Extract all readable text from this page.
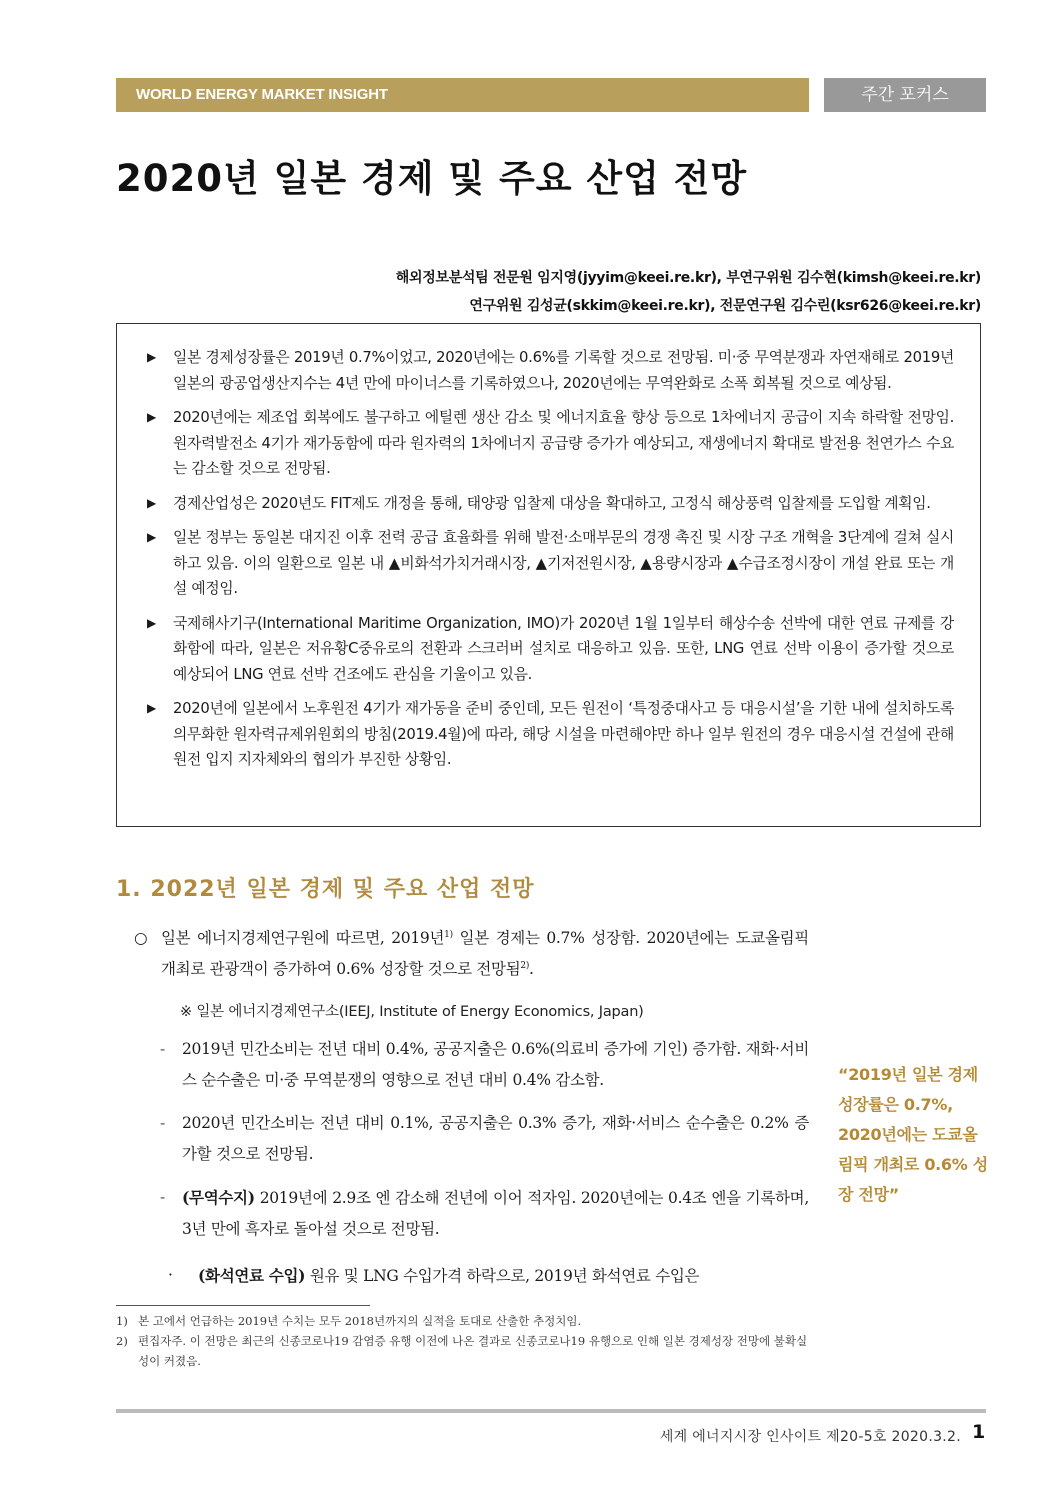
WORLD ENERGY MARKET INSIGHT	주간 포커스
2020년 일본 경제 및 주요 산업 전망
해외정보분석팀 전문원 임지영(jyyim@keei.re.kr), 부연구위원 김수현(kimsh@keei.re.kr)
연구위원 김성균(skkim@keei.re.kr), 전문연구원 김수린(ksr626@keei.re.kr)
▶ 일본 경제성장률은 2019년 0.7%이었고, 2020년에는 0.6%를 기록할 것으로 전망됨. 미·중 무역분쟁과 자연재해로 2019년 일본의 광공업생산지수는 4년 만에 마이너스를 기록하였으나, 2020년에는 무역완화로 소폭 회복될 것으로 예상됨.
▶ 2020년에는 제조업 회복에도 불구하고 에틸렌 생산 감소 및 에너지효율 향상 등으로 1차에너지 공급이 지속 하락할 전망임. 원자력발전소 4기가 재가동함에 따라 원자력의 1차에너지 공급량 증가가 예상되고, 재생에너지 확대로 발전용 천연가스 수요는 감소할 것으로 전망됨.
▶ 경제산업성은 2020년도 FIT제도 개정을 통해, 태양광 입찰제 대상을 확대하고, 고정식 해상풍력 입찰제를 도입할 계획임.
▶ 일본 정부는 동일본 대지진 이후 전력 공급 효율화를 위해 발전·소매부문의 경쟁 촉진 및 시장 구조 개혁을 3단계에 걸쳐 실시하고 있음. 이의 일환으로 일본 내 ▲비화석가치거래시장, ▲기저전원시장, ▲용량시장과 ▲수급조정시장이 개설 완료 또는 개설 예정임.
▶ 국제해사기구(International Maritime Organization, IMO)가 2020년 1월 1일부터 해상수송 선박에 대한 연료 규제를 강화함에 따라, 일본은 저유황C중유로의 전환과 스크러버 설치로 대응하고 있음. 또한, LNG 연료 선박 이용이 증가할 것으로 예상되어 LNG 연료 선박 건조에도 관심을 기울이고 있음.
▶ 2020년에 일본에서 노후원전 4기가 재가동을 준비 중인데, 모든 원전이 ‘특정중대사고 등 대응시설’을 기한 내에 설치하도록 의무화한 원자력규제위원회의 방침(2019.4월)에 따라, 해당 시설을 마련해야만 하나 일부 원전의 경우 대응시설 건설에 관해 원전 입지 지자체와의 협의가 부진한 상황임.
1. 2022년 일본 경제 및 주요 산업 전망
○ 일본 에너지경제연구원에 따르면, 2019년$^{1)}$ 일본 경제는 0.7% 성장함. 2020년에는 도쿄올림픽 개최로 관광객이 증가하여 0.6% 성장할 것으로 전망됨$^{2)}$.
※ 일본 에너지경제연구소(IEEJ, Institute of Energy Economics, Japan)
-	2019년 민간소비는 전년 대비 0.4%, 공공지출은 0.6%(의료비 증가에 기인) 증가함. 재화·서비스 순수출은 미·중 무역분쟁의 영향으로 전년 대비 0.4% 감소함.
-	2020년 민간소비는 전년 대비 0.1%, 공공지출은 0.3% 증가, 재화·서비스 순수출은 0.2% 증가할 것으로 전망됨.
-	(무역수지) 2019년에 2.9조 엔 감소해 전년에 이어 적자임. 2020년에는 0.4조 엔을 기록하며, 3년 만에 흑자로 돌아설 것으로 전망됨.
·	(화석연료 수입) 원유 및 LNG 수입가격 하락으로, 2019년 화석연료 수입은
“2019년 일본 경제성장률은 0.7%, 2020년에는 도쿄올림픽 개최로 0.6% 성장 전망”
1) 본 고에서 언급하는 2019년 수치는 모두 2018년까지의 실적을 토대로 산출한 추정치임.
2) 편집자주. 이 전망은 최근의 신종코로나19 감염증 유행 이전에 나온 결과로 신종코로나19 유행으로 인해 일본 경제성장 전망에 불확실성이 커졌음.
세계 에너지시장 인사이트 제20-5호 2020.3.2. 1
